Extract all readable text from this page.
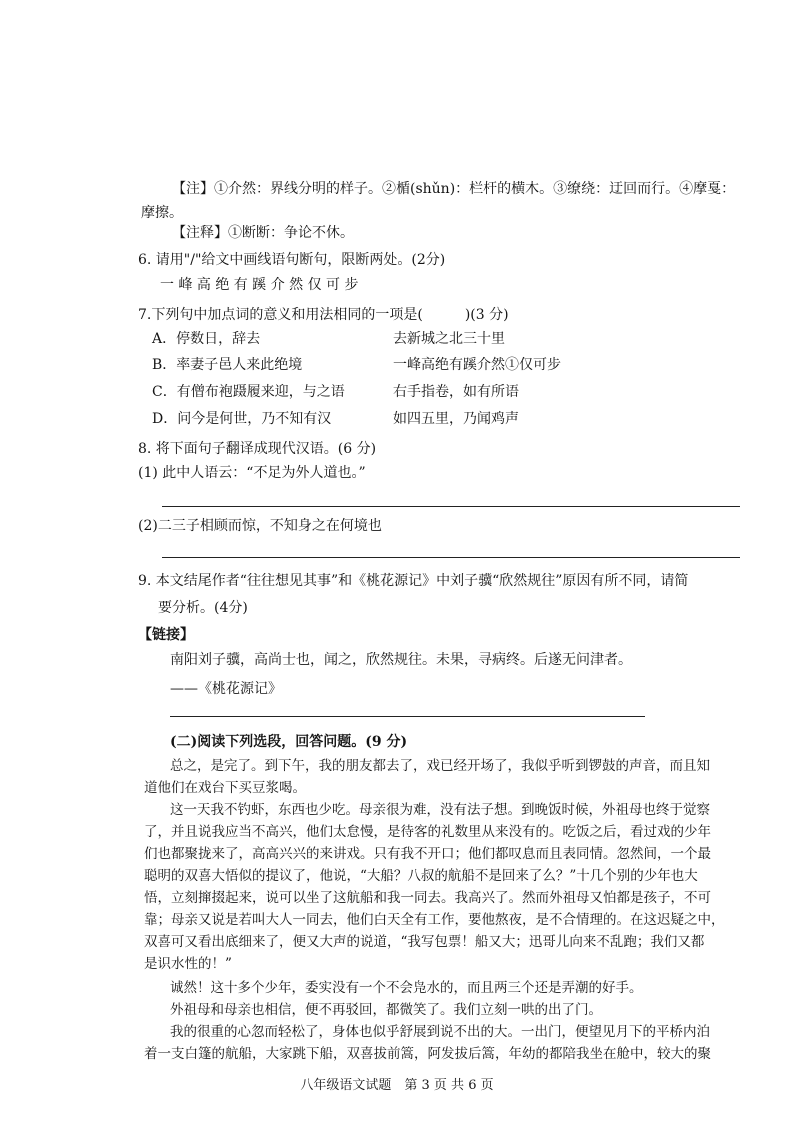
【注】①介然：界线分明的样子。②楯(shǔn)：栏杆的横木。③缭绕：迂回而行。④摩戛：
摩擦。
【注释】①断断：争论不休。
6. 请用"/"给文中画线语句断句，限断两处。(2分)
一 峰 高 绝 有 蹊 介 然 仅 可 步
7.下列句中加点词的意义和用法相同的一项是(　　　)(3 分)
A．停数日，辞去	去新城之北三十里
B．率妻子邑人来此绝境	一峰高绝有蹊介然①仅可步
C．有僧布袍蹑履来迎，与之语	右手指卷，如有所语
D．问今是何世，乃不知有汉	如四五里，乃闻鸡声
8. 将下面句子翻译成现代汉语。(6 分)
(1) 此中人语云：“不足为外人道也。”
(2)二三子相顾而惊，不知身之在何境也
9. 本文结尾作者“往往想见其事”和《桃花源记》中刘子骥“欣然规往”原因有所不同，请简
要分析。(4分)
【链接】
南阳刘子骥，高尚士也，闻之，欣然规往。未果，寻病终。后遂无问津者。
——《桃花源记》
(二)阅读下列选段，回答问题。(9 分)
总之，是完了。到下午，我的朋友都去了，戏已经开场了，我似乎听到锣鼓的声音，而且知
道他们在戏台下买豆浆喝。
这一天我不钓虾，东西也少吃。母亲很为难，没有法子想。到晚饭时候，外祖母也终于觉察
了，并且说我应当不高兴，他们太怠慢，是待客的礼数里从来没有的。吃饭之后，看过戏的少年
们也都聚拢来了，高高兴兴的来讲戏。只有我不开口；他们都叹息而且表同情。忽然间，一个最
聪明的双喜大悟似的提议了，他说，“大船？八叔的航船不是回来了么？”十几个别的少年也大
悟，立刻撺掇起来，说可以坐了这航船和我一同去。我高兴了。然而外祖母又怕都是孩子，不可
靠；母亲又说是若叫大人一同去，他们白天全有工作，要他熬夜，是不合情理的。在这迟疑之中，
双喜可又看出底细来了，便又大声的说道，“我写包票！船又大；迅哥儿向来不乱跑；我们又都
是识水性的！”
诚然！这十多个少年，委实没有一个不会凫水的，而且两三个还是弄潮的好手。
外祖母和母亲也相信，便不再驳回，都微笑了。我们立刻一哄的出了门。
我的很重的心忽而轻松了，身体也似乎舒展到说不出的大。一出门，便望见月下的平桥内泊
着一支白篷的航船，大家跳下船，双喜拔前篙，阿发拔后篙，年幼的都陪我坐在舱中，较大的聚
八年级语文试题　第 3 页 共 6 页
